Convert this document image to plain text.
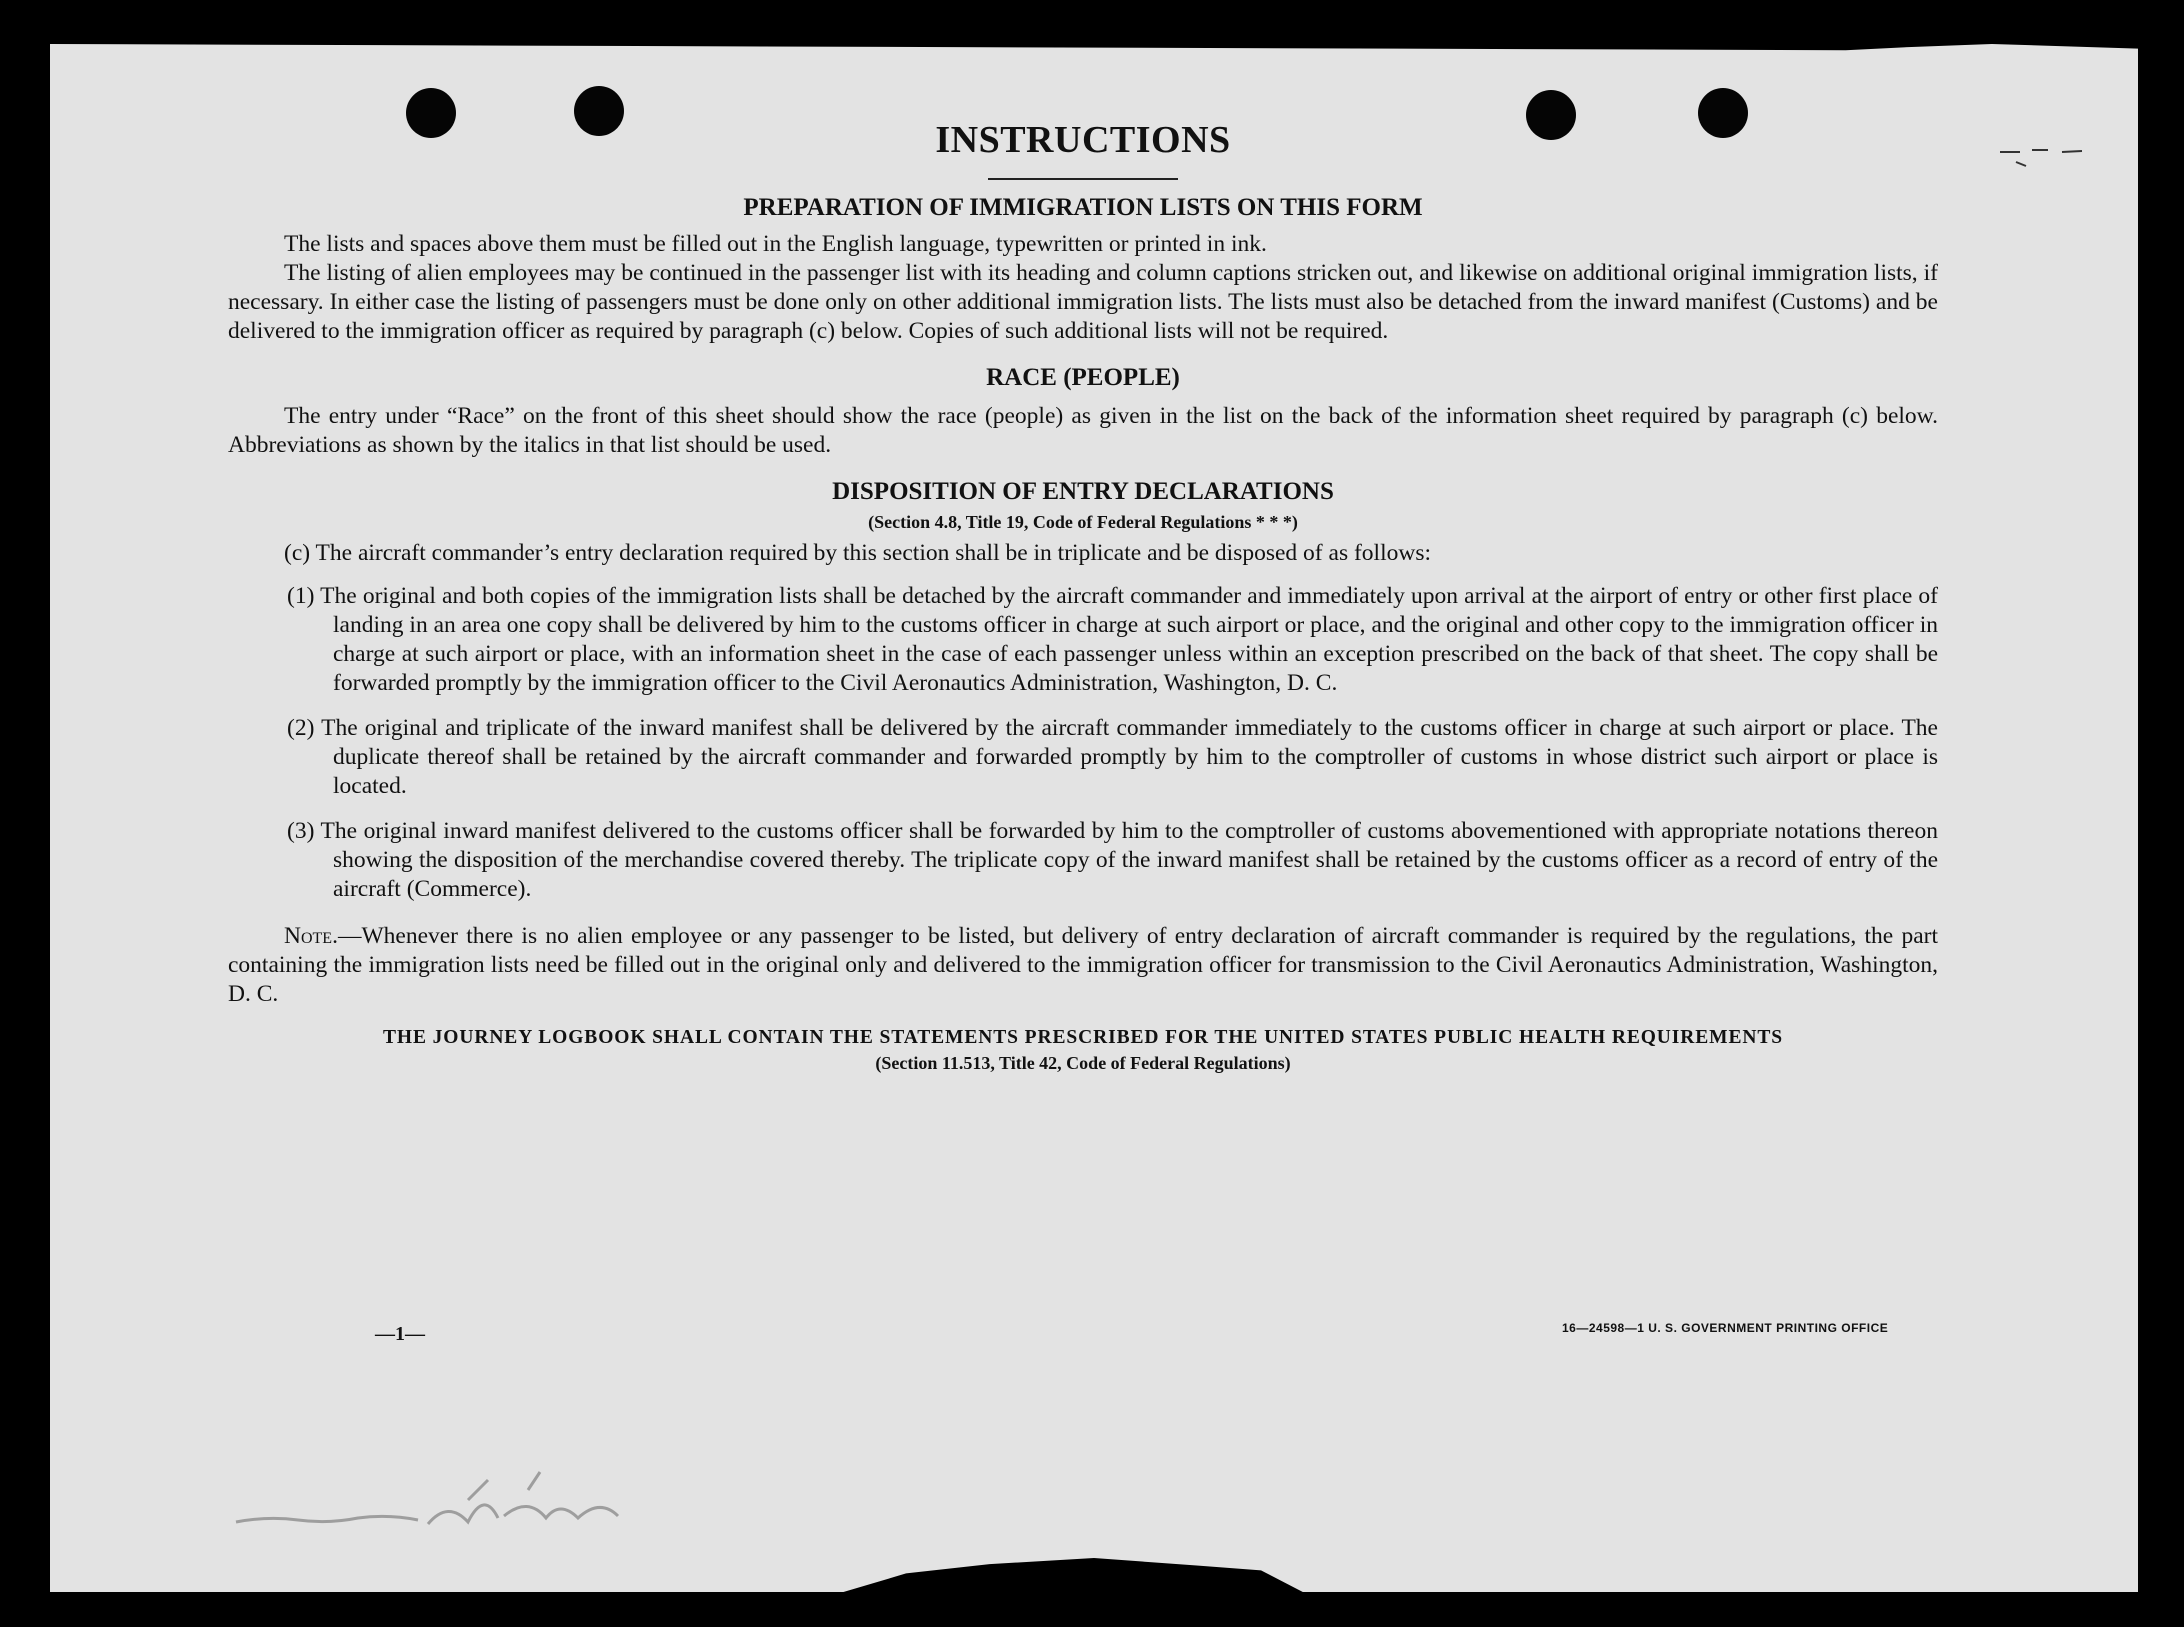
INSTRUCTIONS
PREPARATION OF IMMIGRATION LISTS ON THIS FORM

The lists and spaces above them must be filled out in the English language, typewritten or printed in ink.

The listing of alien employees may be continued in the passenger list with its heading and column captions stricken out, and likewise on additional original immigration lists, if necessary. In either case the listing of passengers must be done only on other additional immigration lists. The lists must also be detached from the inward manifest (Customs) and be delivered to the immigration officer as required by paragraph (c) below. Copies of such additional lists will not be required.

RACE (PEOPLE)

The entry under “Race” on the front of this sheet should show the race (people) as given in the list on the back of the information sheet required by paragraph (c) below. Abbreviations as shown by the italics in that list should be used.

DISPOSITION OF ENTRY DECLARATIONS
(Section 4.8, Title 19, Code of Federal Regulations * * *)

(c) The aircraft commander’s entry declaration required by this section shall be in triplicate and be disposed of as follows:

(1) The original and both copies of the immigration lists shall be detached by the aircraft commander and immediately upon arrival at the airport of entry or other first place of landing in an area one copy shall be delivered by him to the customs officer in charge at such airport or place, and the original and other copy to the immigration officer in charge at such airport or place, with an information sheet in the case of each passenger unless within an exception prescribed on the back of that sheet. The copy shall be forwarded promptly by the immigration officer to the Civil Aeronautics Administration, Washington, D. C.

(2) The original and triplicate of the inward manifest shall be delivered by the aircraft commander immediately to the customs officer in charge at such airport or place. The duplicate thereof shall be retained by the aircraft commander and forwarded promptly by him to the comptroller of customs in whose district such airport or place is located.

(3) The original inward manifest delivered to the customs officer shall be forwarded by him to the comptroller of customs abovementioned with appropriate notations thereon showing the disposition of the merchandise covered thereby. The triplicate copy of the inward manifest shall be retained by the customs officer as a record of entry of the aircraft (Commerce).

Note.—Whenever there is no alien employee or any passenger to be listed, but delivery of entry declaration of aircraft commander is required by the regulations, the part containing the immigration lists need be filled out in the original only and delivered to the immigration officer for transmission to the Civil Aeronautics Administration, Washington, D. C.

THE JOURNEY LOGBOOK SHALL CONTAIN THE STATEMENTS PRESCRIBED FOR THE UNITED STATES PUBLIC HEALTH REQUIREMENTS
(Section 11.513, Title 42, Code of Federal Regulations)
—1—	16—24598—1 U. S. GOVERNMENT PRINTING OFFICE
